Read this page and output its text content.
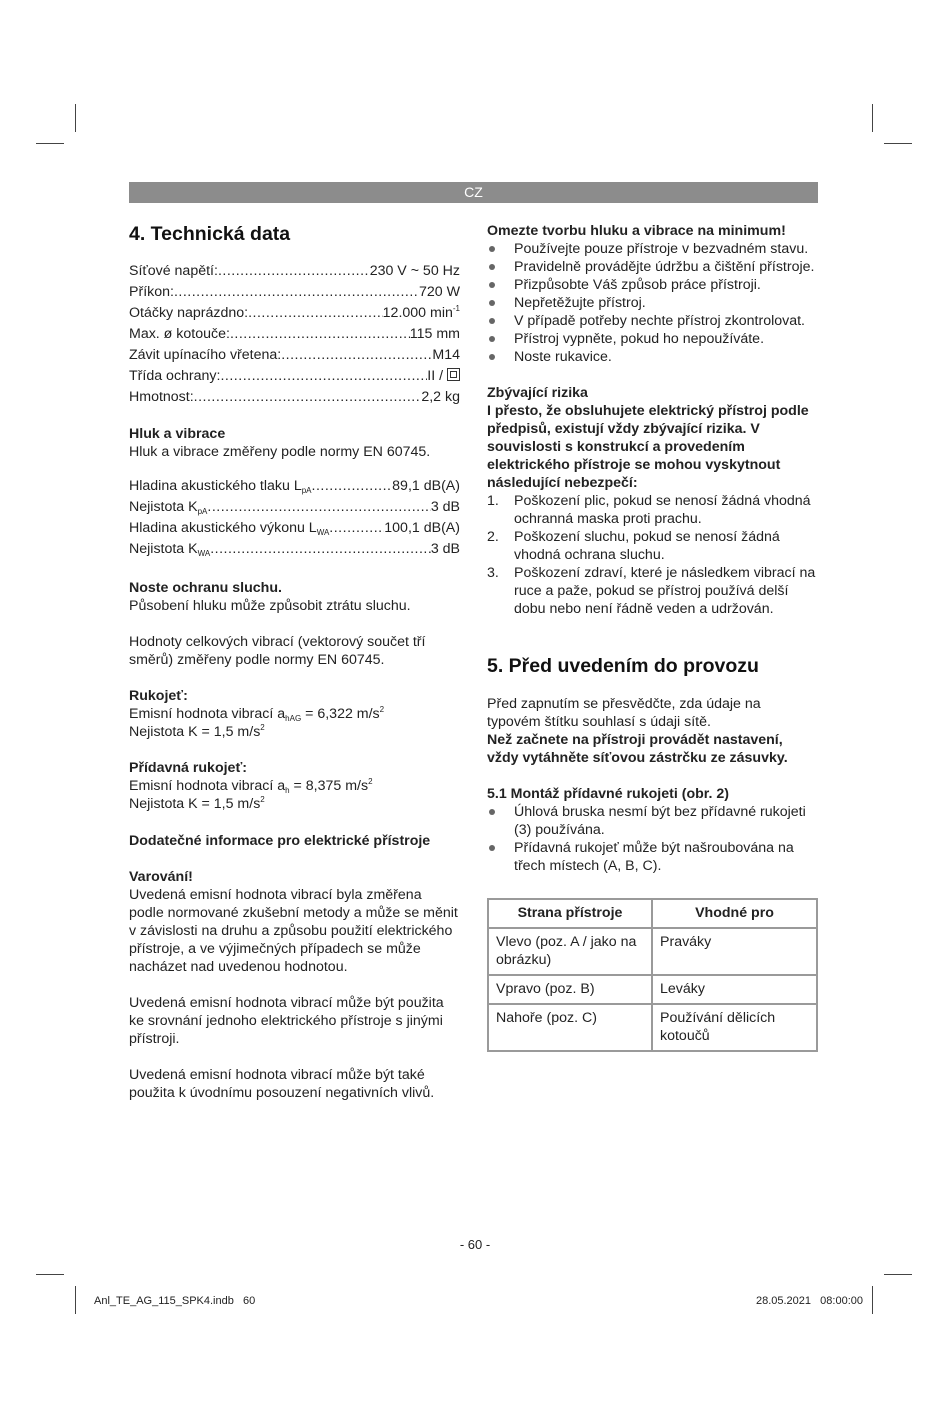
CZ
4. Technická data
Síťové napětí: .....	230 V ~ 50 Hz
Příkon: .....	720 W
Otáčky naprázdno: .....	12.000 $\min^{-1}$
Max. ø kotouče: .....	115 mm
Závit upínacího vřetena: .....	M14
Třída ochrany: .....	II /
Hmotnost: .....	2,2 kg

Hluk a vibrace

Hluk a vibrace změřeny podle normy EN 60745.

Hladina akustického tlaku $L_{pA}$ .....	89,1 dB(A)
Nejistota $K_{pA}$ .....	3 dB
Hladina akustického výkonu $L_{WA}$ .....	100,1 dB(A)
Nejistota $K_{WA}$ .....	3 dB

Noste ochranu sluchu.

Působení hluku může způsobit ztrátu sluchu.

Hodnoty celkových vibrací (vektorový součet tří směrů) změřeny podle normy EN 60745.

Rukojeť:

Emisní hodnota vibrací $a_{hAG} = 6,322$ $m/s^2$

Nejistota K = 1,5 $m/s^2$

Přídavná rukojeť:

Emisní hodnota vibrací $a_h = 8,375$ $m/s^2$

Nejistota K = 1,5 $m/s^2$

Dodatečné informace pro elektrické přístroje

Varování!

Uvedená emisní hodnota vibrací byla změřena podle normované zkušební metody a může se měnit v závislosti na druhu a způsobu použití elektrického přístroje, a ve výjimečných případech se může nacházet nad uvedenou hodnotou.

Uvedená emisní hodnota vibrací může být použita ke srovnání jednoho elektrického přístroje s jinými přístroji.

Uvedená emisní hodnota vibrací může být také použita k úvodnímu posouzení negativních vlivů.

Omezte tvorbu hluku a vibrace na minimum!

Používejte pouze přístroje v bezvadném stavu.
Pravidelně provádějte údržbu a čištění přístroje.
Přizpůsobte Váš způsob práce přístroji.
Nepřetěžujte přístroj.
V případě potřeby nechte přístroj zkontrolovat.
Přístroj vypněte, pokud ho nepoužíváte.
Noste rukavice.

Zbývající rizika

I přesto, že obsluhujete elektrický přístroj podle předpisů, existují vždy zbývající rizika. V souvislosti s konstrukcí a provedením elektrického přístroje se mohou vyskytnout následující nebezpečí:

1. Poškození plic, pokud se nenosí žádná vhodná ochranná maska proti prachu.
2. Poškození sluchu, pokud se nenosí žádná vhodná ochrana sluchu.
3. Poškození zdraví, které je následkem vibrací na ruce a paže, pokud se přístroj používá delší dobu nebo není řádně veden a udržován.
5. Před uvedením do provozu

Před zapnutím se přesvědčte, zda údaje na typovém štítku souhlasí s údaji sítě.

Než začnete na přístroji provádět nastavení, vždy vytáhněte síťovou zástrčku ze zásuvky.

5.1 Montáž přídavné rukojeti (obr. 2)

Úhlová bruska nesmí být bez přídavné rukojeti (3) používána.
Přídavná rukojeť může být našroubována na třech místech (A, B, C).
Strana přístroje	Vhodné pro
Vlevo (poz. A / jako na obrázku)	Praváky
Vpravo (poz. B)	Leváky
Nahoře (poz. C)	Používání dělicích kotoučů
- 60 -
Anl_TE_AG_115_SPK4.indb   60	28.05.2021   08:00:00
